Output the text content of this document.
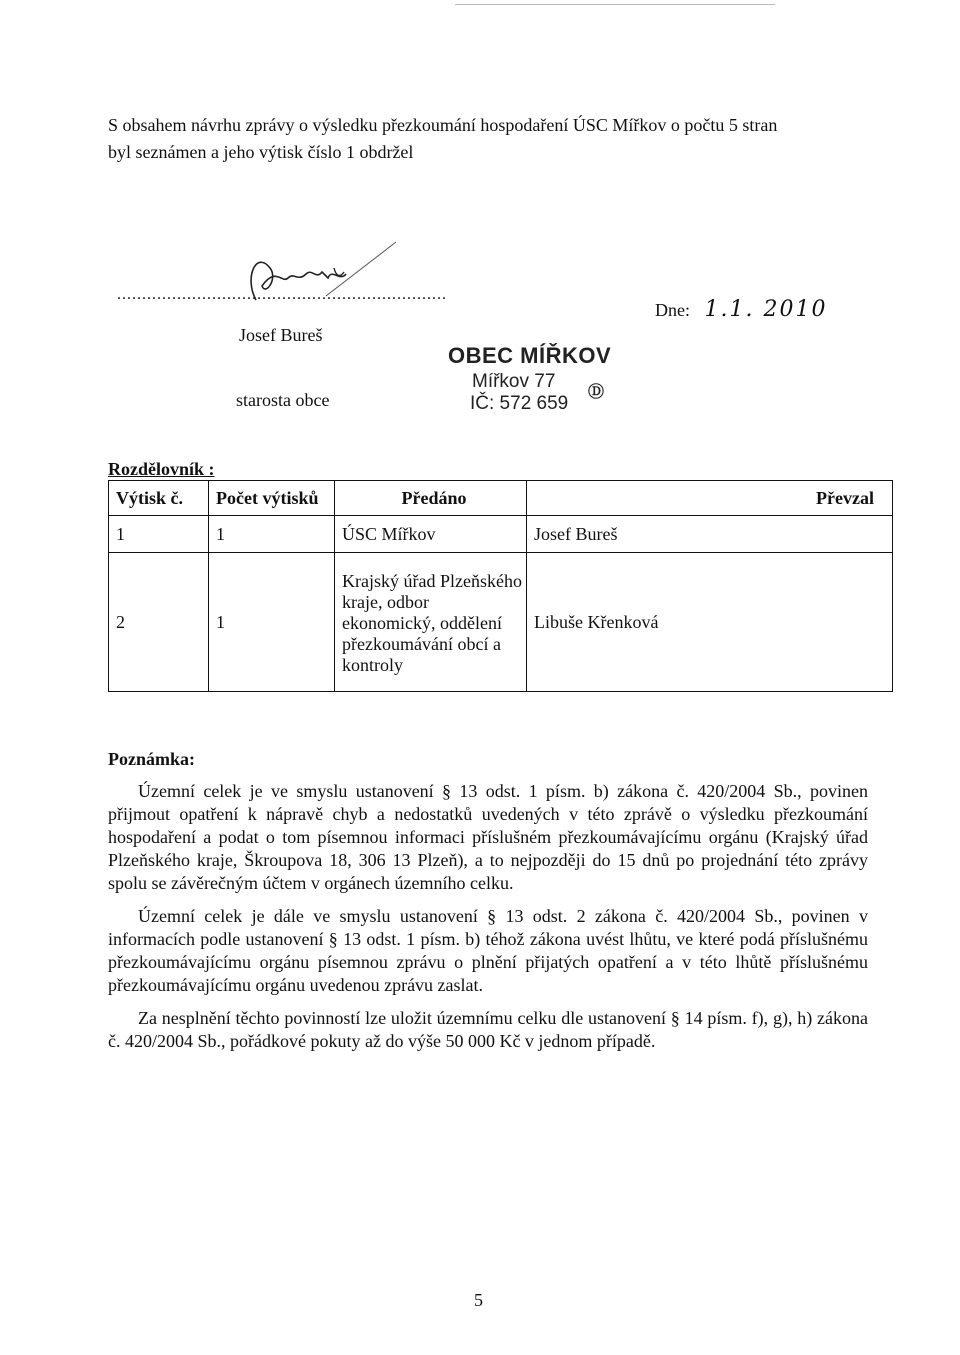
S obsahem návrhu zprávy o výsledku přezkoumání hospodaření ÚSC Mířkov o počtu 5 stran
byl seznámen a jeho výtisk číslo 1 obdržel
..................................................................
Josef Bureš
starosta obce
OBEC MÍŘKOV
Mířkov 77
IČ: 572 659
Ⓓ
Dne: 1.1. 2010
Rozdělovník :
Výtisk č.	Počet výtisků	Předáno	Převzal
1	1	ÚSC Mířkov	Josef Bureš
2	1	Krajský úřad Plzeňského kraje, odbor ekonomický, oddělení přezkoumávání obcí a kontroly	Libuše Křenková
Poznámka:

Územní celek je ve smyslu ustanovení § 13 odst. 1 písm. b) zákona č. 420/2004 Sb., povinen přijmout opatření k nápravě chyb a nedostatků uvedených v této zprávě o výsledku přezkoumání hospodaření a podat o tom písemnou informaci příslušném přezkoumávajícímu orgánu (Krajský úřad Plzeňského kraje, Škroupova 18, 306 13 Plzeň), a to nejpozději do 15 dnů po projednání této zprávy spolu se závěrečným účtem v orgánech územního celku.

Územní celek je dále ve smyslu ustanovení § 13 odst. 2 zákona č. 420/2004 Sb., povinen v informacích podle ustanovení § 13 odst. 1 písm. b) téhož zákona uvést lhůtu, ve které podá příslušnému přezkoumávajícímu orgánu písemnou zprávu o plnění přijatých opatření a v této lhůtě příslušnému přezkoumávajícímu orgánu uvedenou zprávu zaslat.

Za nesplnění těchto povinností lze uložit územnímu celku dle ustanovení § 14 písm. f), g), h) zákona č. 420/2004 Sb., pořádkové pokuty až do výše 50 000 Kč v jednom případě.

5
